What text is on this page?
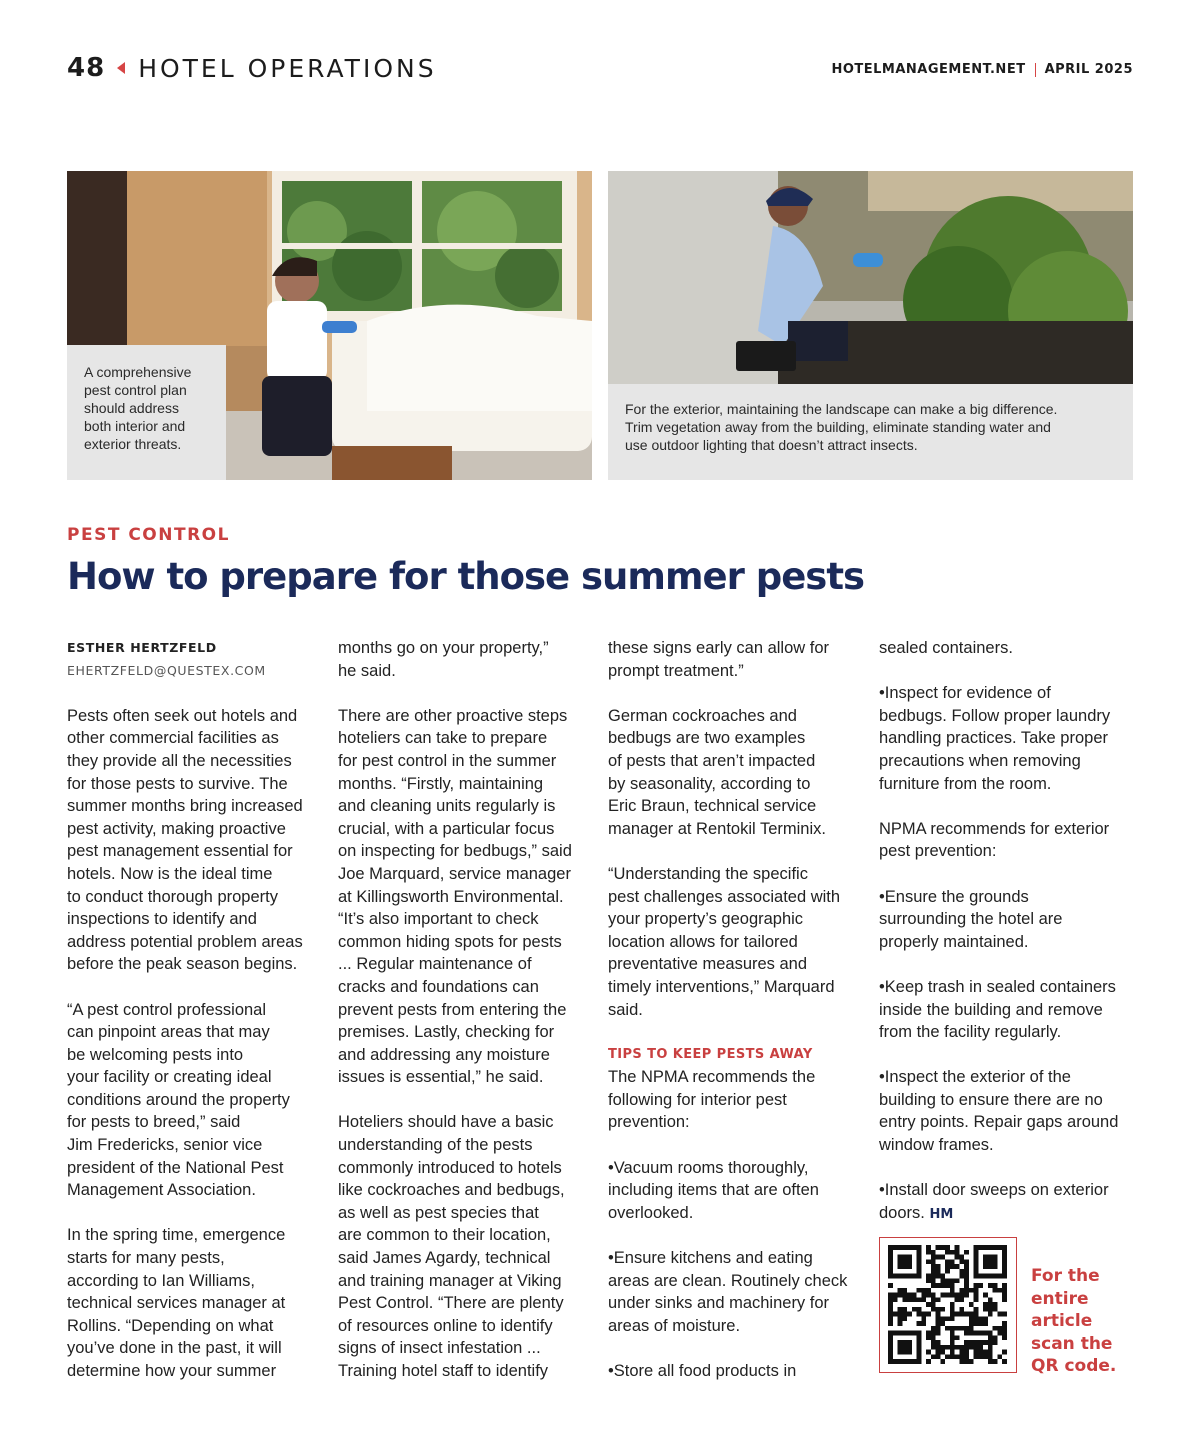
48 HOTEL OPERATIONS	HOTELMANAGEMENT.NET APRIL 2025
A comprehensive
pest control plan
should address
both interior and
exterior threats.
For the exterior, maintaining the landscape can make a big difference.
Trim vegetation away from the building, eliminate standing water and
use outdoor lighting that doesn’t attract insects.
PEST CONTROL
How to prepare for those summer pests
ESTHER HERTZFELD
EHERTZFELD@QUESTEX.COM

Pests often seek out hotels and
other commercial facilities as
they provide all the necessities
for those pests to survive. The
summer months bring increased
pest activity, making proactive
pest management essential for
hotels. Now is the ideal time
to conduct thorough property
inspections to identify and
address potential problem areas
before the peak season begins.

“A pest control professional
can pinpoint areas that may
be welcoming pests into
your facility or creating ideal
conditions around the property
for pests to breed,” said
Jim Fredericks, senior vice
president of the National Pest
Management Association.

In the spring time, emergence
starts for many pests,
according to Ian Williams,
technical services manager at
Rollins. “Depending on what
you’ve done in the past, it will
determine how your summer

months go on your property,”
he said.

There are other proactive steps
hoteliers can take to prepare
for pest control in the summer
months. “Firstly, maintaining
and cleaning units regularly is
crucial, with a particular focus
on inspecting for bedbugs,” said
Joe Marquard, service manager
at Killingsworth Environmental.
“It’s also important to check
common hiding spots for pests
... Regular maintenance of
cracks and foundations can
prevent pests from entering the
premises. Lastly, checking for
and addressing any moisture
issues is essential,” he said.

Hoteliers should have a basic
understanding of the pests
commonly introduced to hotels
like cockroaches and bedbugs,
as well as pest species that
are common to their location,
said James Agardy, technical
and training manager at Viking
Pest Control. “There are plenty
of resources online to identify
signs of insect infestation ...
Training hotel staff to identify

these signs early can allow for
prompt treatment.”

German cockroaches and
bedbugs are two examples
of pests that aren’t impacted
by seasonality, according to
Eric Braun, technical service
manager at Rentokil Terminix.

“Understanding the specific
pest challenges associated with
your property’s geographic
location allows for tailored
preventative measures and
timely interventions,” Marquard
said.

TIPS TO KEEP PESTS AWAY

The NPMA recommends the
following for interior pest
prevention:

•Vacuum rooms thoroughly,
including items that are often
overlooked.

•Ensure kitchens and eating
areas are clean. Routinely check
under sinks and machinery for
areas of moisture.

•Store all food products in

sealed containers.

•Inspect for evidence of
bedbugs. Follow proper laundry
handling practices. Take proper
precautions when removing
furniture from the room.

NPMA recommends for exterior
pest prevention:

•Ensure the grounds
surrounding the hotel are
properly maintained.

•Keep trash in sealed containers
inside the building and remove
from the facility regularly.

•Inspect the exterior of the
building to ensure there are no
entry points. Repair gaps around
window frames.

•Install door sweeps on exterior
doors. HM

For the
entire
article
scan the
QR code.
